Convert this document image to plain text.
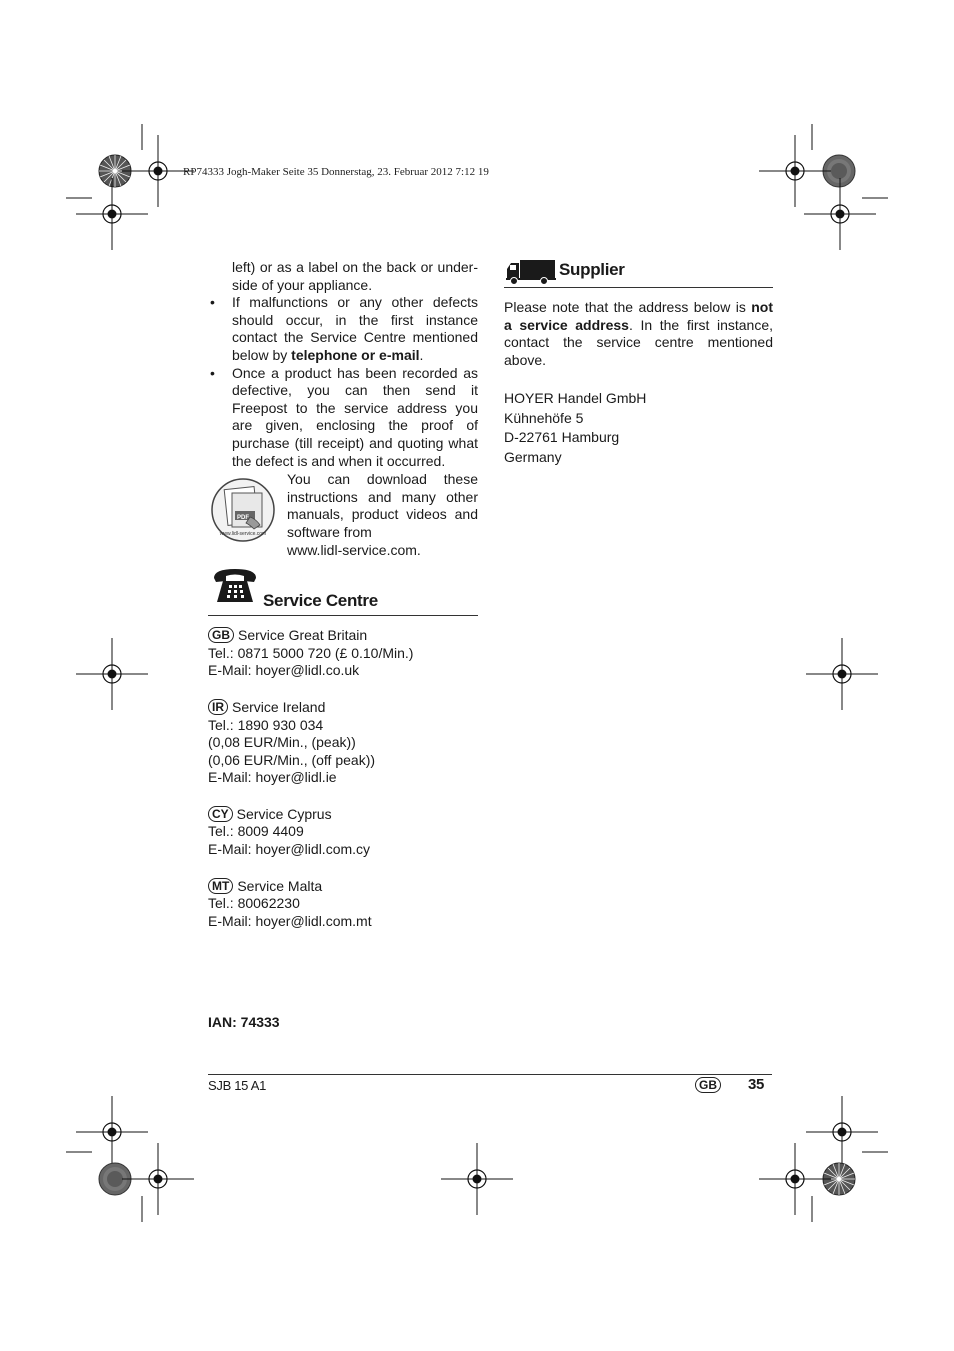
RP74333 Jogh-Maker Seite 35 Donnerstag, 23. Februar 2012 7:12 19
left) or as a label on the back or under-
side of your appliance.
• If malfunctions or any other defects should occur, in the first instance contact the Service Centre mentioned below by telephone or e-mail.
• Once a product has been recorded as defective, you can then send it Freepost to the service address you are given, enclosing the proof of purchase (till receipt) and quoting what the defect is and when it occurred.
PDF
www.lidl-service.com
You can download these instructions and many other manuals, product videos and software from
www.lidl-service.com.
Service Centre
GB Service Great Britain
Tel.: 0871 5000 720 (£ 0.10/Min.)
E-Mail: hoyer@lidl.co.uk
IR Service Ireland
Tel.: 1890 930 034
(0,08 EUR/Min., (peak))
(0,06 EUR/Min., (off peak))
E-Mail: hoyer@lidl.ie
CY Service Cyprus
Tel.: 8009 4409
E-Mail: hoyer@lidl.com.cy
MT Service Malta
Tel.: 80062230
E-Mail: hoyer@lidl.com.mt
IAN: 74333
Supplier
Please note that the address below is not a service address. In the first instance, contact the service centre mentioned above.
HOYER Handel GmbH
Kühnehöfe 5
D-22761 Hamburg
Germany
SJB 15 A1	GB	35
